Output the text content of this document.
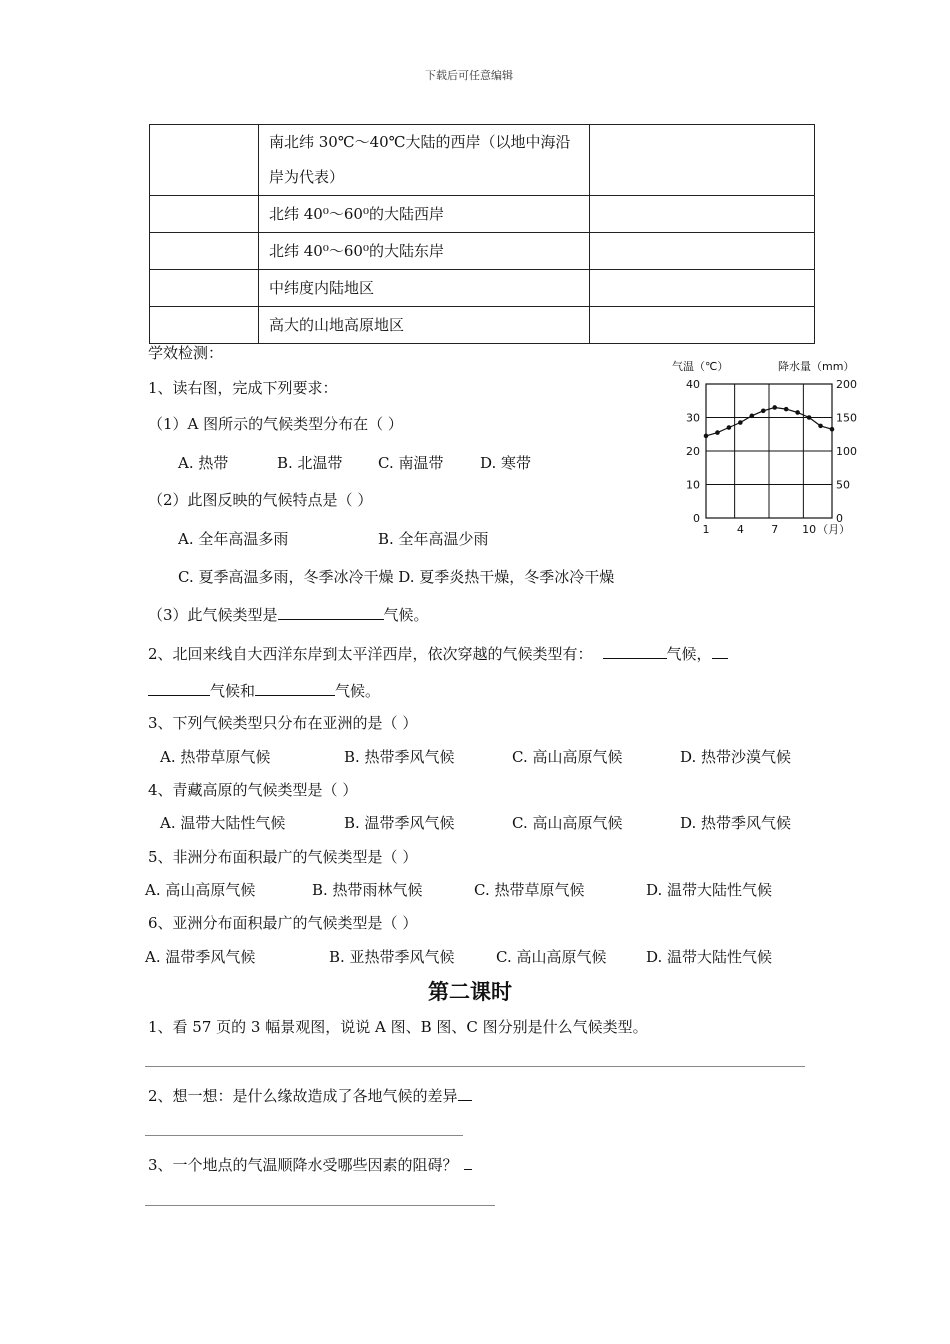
下载后可任意编辑
	南北纬 30℃～40℃大陆的西岸（以地中海沿岸为代表）	
	北纬 40⁰～60⁰的大陆西岸	
	北纬 40⁰～60⁰的大陆东岸	
	中纬度内陆地区	
	高大的山地高原地区	
学效检测：
1、读右图，完成下列要求：
（1）A 图所示的气候类型分布在（ ）
A. 热带	B. 北温带 C. 南温带 D. 寒带
（2）此图反映的气候特点是（ ）
A. 全年高温多雨	B. 全年高温少雨
C. 夏季高温多雨，冬季冰冷干燥 D. 夏季炎热干燥，冬季冰冷干燥
（3）此气候类型是	气候。
2、北回来线自大西洋东岸到太平洋西岸，依次穿越的气候类型有：	气候，
气候和	气候。
3、下列气候类型只分布在亚洲的是（ ）
A. 热带草原气候	B. 热带季风气候	C. 高山高原气候	D. 热带沙漠气候
4、青藏高原的气候类型是（ ）
A. 温带大陆性气候	B. 温带季风气候	C. 高山高原气候	D. 热带季风气候
5、非洲分布面积最广的气候类型是（ ）
A. 高山高原气候	B. 热带雨林气候	C. 热带草原气候	D. 温带大陆性气候
6、亚洲分布面积最广的气候类型是（ ）
A. 温带季风气候	B. 亚热带季风气候	C. 高山高原气候	D. 温带大陆性气候
第二课时
1、看 57 页的 3 幅景观图，说说 A 图、B 图、C 图分别是什么气候类型。
2、想一想：是什么缘故造成了各地气候的差异
3、一个地点的气温顺降水受哪些因素的阻碍？
气温（℃）	降水量（mm）
0	0
10	50
20	100
30	150
40	200
1 4 7 10 （月）
